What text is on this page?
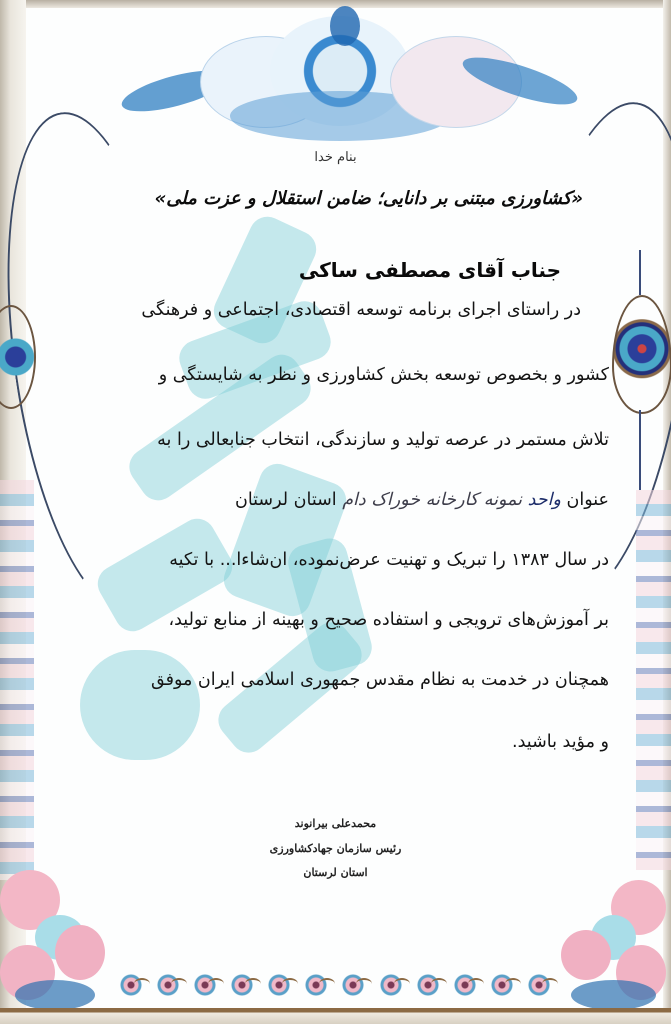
بنام خدا
«کشاورزی مبتنی بر دانایی؛ ضامن استقلال و عزت ملی»
جناب آقای مصطفی ساکی
در راستای اجرای برنامه توسعه اقتصادی، اجتماعی و فرهنگی
کشور و بخصوص توسعه بخش کشاورزی و نظر به شایستگی و
تلاش مستمر در عرصه تولید و سازندگی، انتخاب جنابعالی را به
عنوان واحد نمونه کارخانه خوراک دام استان لرستان
در سال ۱۳۸۳ را تبریک و تهنیت عرض‌نموده، ان‌شاءا... با تکیه
بر آموزش‌های ترویجی و استفاده صحیح و بهینه از منابع تولید،
همچنان در خدمت به نظام مقدس جمهوری اسلامی ایران موفق
و مؤید باشید.
محمدعلی بیرانوند
رئیس سازمان جهادکشاورزی
استان لرستان
